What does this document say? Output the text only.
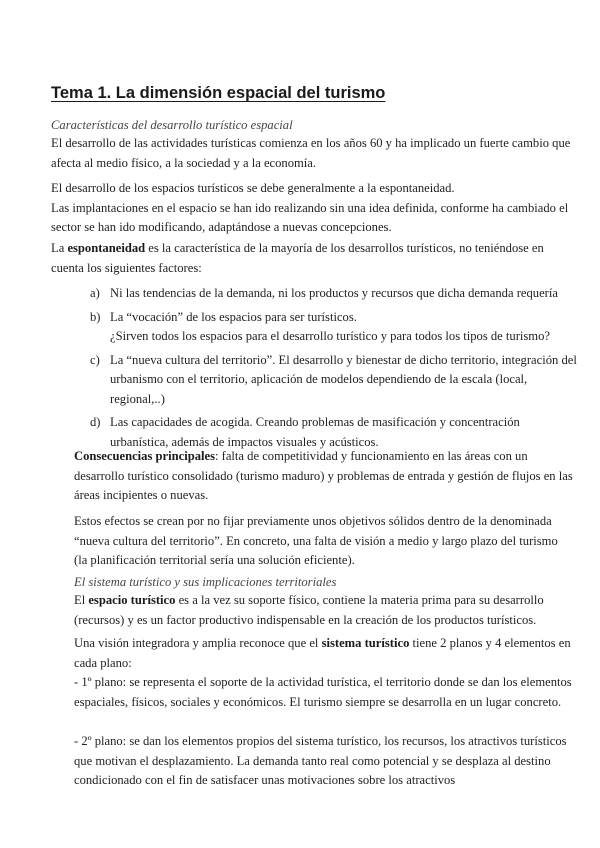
Tema 1. La dimensión espacial del turismo
Características del desarrollo turístico espacial
El desarrollo de las actividades turísticas comienza en los años 60 y ha implicado un fuerte cambio que afecta al medio físico, a la sociedad y a la economía.
El desarrollo de los espacios turísticos se debe generalmente a la espontaneidad.
Las implantaciones en el espacio se han ido realizando sin una idea definida, conforme ha cambiado el sector se han ido modificando, adaptándose a nuevas concepciones.
La espontaneidad es la característica de la mayoría de los desarrollos turísticos, no teniéndose en cuenta los siguientes factores:
a) Ni las tendencias de la demanda, ni los productos y recursos que dicha demanda requería
b) La “vocación” de los espacios para ser turísticos.
¿Sirven todos los espacios para el desarrollo turístico y para todos los tipos de turismo?
c) La “nueva cultura del territorio”. El desarrollo y bienestar de dicho territorio, integración del urbanismo con el territorio, aplicación de modelos dependiendo de la escala (local, regional,..)
d) Las capacidades de acogida. Creando problemas de masificación y concentración urbanística, además de impactos visuales y acústicos.
Consecuencias principales: falta de competitividad y funcionamiento en las áreas con un desarrollo turístico consolidado (turismo maduro) y problemas de entrada y gestión de flujos en las áreas incipientes o nuevas.
Estos efectos se crean por no fijar previamente unos objetivos sólidos dentro de la denominada “nueva cultura del territorio”. En concreto, una falta de visión a medio y largo plazo del turismo (la planificación territorial sería una solución eficiente).
El sistema turístico y sus implicaciones territoriales
El espacio turístico es a la vez su soporte físico, contiene la materia prima para su desarrollo (recursos) y es un factor productivo indispensable en la creación de los productos turísticos.
Una visión integradora y amplia reconoce que el sistema turístico tiene 2 planos y 4 elementos en cada plano:
- 1º plano: se representa el soporte de la actividad turística, el territorio donde se dan los elementos espaciales, físicos, sociales y económicos. El turismo siempre se desarrolla en un lugar concreto.
- 2º plano: se dan los elementos propios del sistema turístico, los recursos, los atractivos turísticos que motivan el desplazamiento. La demanda tanto real como potencial y se desplaza al destino condicionado con el fin de satisfacer unas motivaciones sobre los atractivos
